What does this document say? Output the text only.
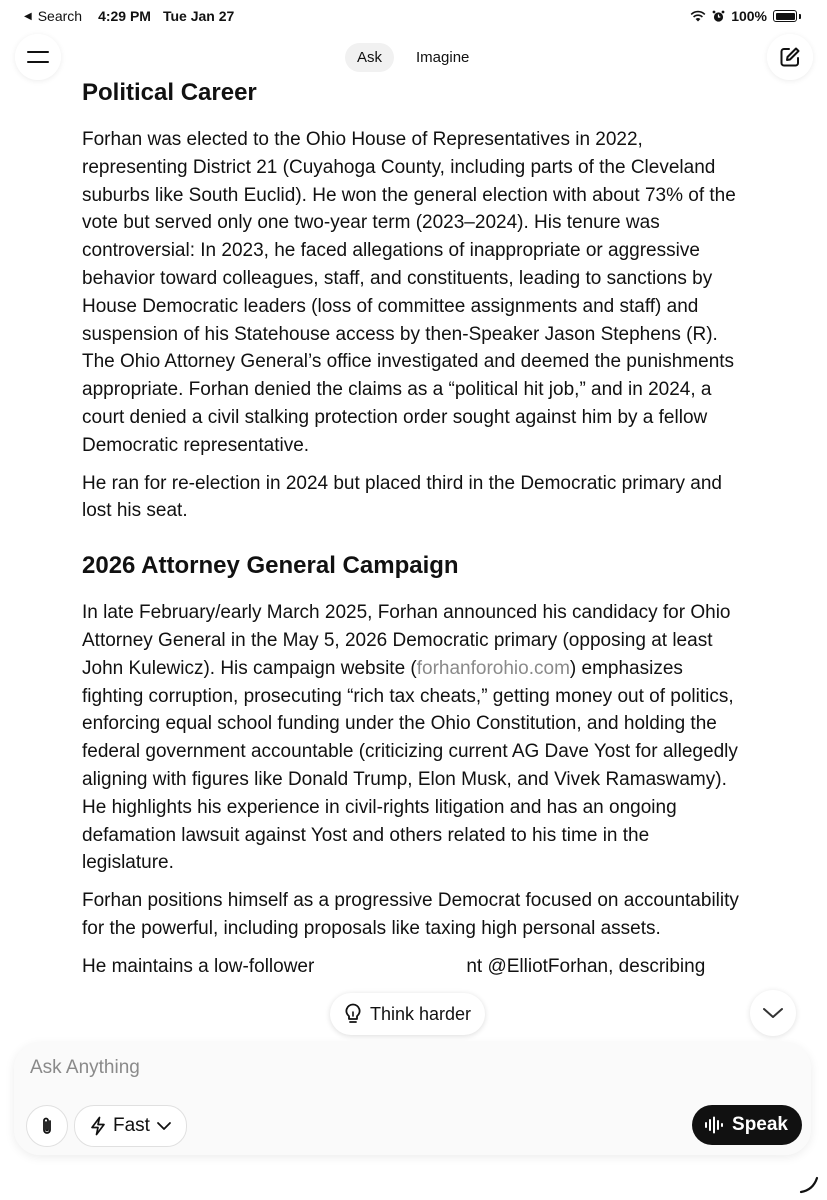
◀ Search 4:29 PM Tue Jan 27	100%
Ask	Imagine
Political Career

Forhan was elected to the Ohio House of Representatives in 2022, representing District 21 (Cuyahoga County, including parts of the Cleveland suburbs like South Euclid). He won the general election with about 73% of the vote but served only one two-year term (2023–2024). His tenure was controversial: In 2023, he faced allegations of inappropriate or aggressive behavior toward colleagues, staff, and constituents, leading to sanctions by House Democratic leaders (loss of committee assignments and staff) and suspension of his Statehouse access by then-Speaker Jason Stephens (R). The Ohio Attorney General’s office investigated and deemed the punishments appropriate. Forhan denied the claims as a “political hit job,” and in 2024, a court denied a civil stalking protection order sought against him by a fellow Democratic representative.

He ran for re-election in 2024 but placed third in the Democratic primary and lost his seat.

2026 Attorney General Campaign

In late February/early March 2025, Forhan announced his candidacy for Ohio Attorney General in the May 5, 2026 Democratic primary (opposing at least John Kulewicz). His campaign website (forhanforohio.com) emphasizes fighting corruption, prosecuting “rich tax cheats,” getting money out of politics, enforcing equal school funding under the Ohio Constitution, and holding the federal government accountable (criticizing current AG Dave Yost for allegedly aligning with figures like Donald Trump, Elon Musk, and Vivek Ramaswamy). He highlights his experience in civil-rights litigation and has an ongoing defamation lawsuit against Yost and others related to his time in the legislature.

Forhan positions himself as a progressive Democrat focused on accountability for the powerful, including proposals like taxing high personal assets.

He maintains a low-follower	nt @ElliotForhan, describing

Think harder
Ask Anything
Fast	Speak
